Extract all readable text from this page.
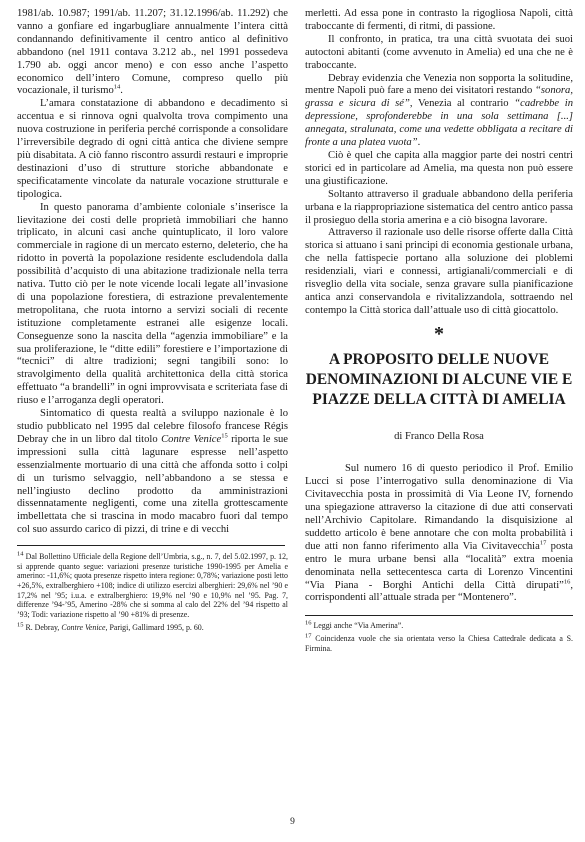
1981/ab. 10.987; 1991/ab. 11.207; 31.12.1996/ab. 11.292) che vanno a gonfiare ed ingarbugliare annualmente l’intera città condannando definitivamente il centro antico al definitivo abbandono (nel 1911 contava 3.212 ab., nel 1991 possedeva 1.790 ab. oggi ancor meno) e con esso anche l’aspetto economico dell’intero Comune, compreso quello più vocazionale, il turismo$^{14}$.

L’amara constatazione di abbandono e decadimento si accentua e si rinnova ogni qualvolta trova compimento una nuova costruzione in periferia perché corrisponde a consolidare l’irreversibile degrado di ogni città antica che diviene sempre più disabitata. A ciò fanno riscontro assurdi restauri e improprie destinazioni d’uso di strutture storiche abbandonate e specificatamente vincolate da naturale vocazione strutturale e tipologica.

In questo panorama d’ambiente coloniale s’inserisce la lievitazione dei costi delle proprietà immobiliari che hanno triplicato, in alcuni casi anche quintuplicato, il loro valore commerciale in ragione di un mercato esterno, deleterio, che ha ridotto in povertà la popolazione residente escludendola dalla possibilità d’acquisto di una abitazione tradizionale nella terra nativa. Tutto ciò per le note vicende locali legate all’invasione di una popolazione forestiera, di estrazione prevalentemente metropolitana, che ruota intorno a servizi sociali di recente istituzione completamente estranei alle esigenze locali. Conseguenze sono la nascita della “agenzia immobiliare” e la sua proliferazione, le “ditte edili” forestiere e l’importazione di “tecnici” di altre tradizioni; segni tangibili sono: lo stravolgimento della qualità architettonica della città storica effettuato “a brandelli” in ogni improvvisata e scriteriata fase di riuso e l’arroganza degli operatori.

Sintomatico di questa realtà a sviluppo nazionale è lo studio pubblicato nel 1995 dal celebre filosofo francese Régis Debray che in un libro dal titolo Contre Venice$^{15}$ riporta le sue impressioni sulla città lagunare espresse nell’aspetto essenzialmente mortuario di una città che affonda sotto i colpi di un turismo selvaggio, nell’abbandono a se stessa e nell’ingiusto declino prodotto da amministrazioni dissennatamente negligenti, come una zitella grottescamente imbellettata che si trascina in modo macabro fuori dal tempo col suo assurdo carico di pizzi, di trine e di vecchi

$^{14}$ Dal Bollettino Ufficiale della Regione dell’Umbria, s.g., n. 7, del 5.02.1997, p. 12, si apprende quanto segue: variazioni presenze turistiche 1990-1995 per Amelia e amerino: -11,6%; quota presenze rispetto intera regione: 0,78%; variazione posti letto +26,5%, extralberghiero +108; indice di utilizzo esercizi alberghieri: 29,6% nel ’90 e 17,2% nel ’95; i.u.a. e extralberghiero: 19,9% nel ’90 e 10,9% nel ’95. Pag. 7, differenze ’94-’95, Amerino -28% che si somma al calo del 22% del ’94 rispetto al ’93; Todi: variazione rispetto al ’90 +81% di presenze.

$^{15}$ R. Debray, Contre Venice, Parigi, Gallimard 1995, p. 60.

merletti. Ad essa pone in contrasto la rigogliosa Napoli, città traboccante di fermenti, di ritmi, di passione.

Il confronto, in pratica, tra una città svuotata dei suoi autoctoni abitanti (come avvenuto in Amelia) ed una che ne è traboccante.

Debray evidenzia che Venezia non sopporta la solitudine, mentre Napoli può fare a meno dei visitatori restando “sonora, grassa e sicura di sé”, Venezia al contrario “cadrebbe in depressione, sprofonderebbe in una sola settimana [...] annegata, stralunata, come una vedette obbligata a recitare di fronte a una platea vuota”.

Ciò è quel che capita alla maggior parte dei nostri centri storici ed in particolare ad Amelia, ma questa non può essere una giustificazione.

Soltanto attraverso il graduale abbandono della periferia urbana e la riappropriazione sistematica del centro antico passa il prosieguo della storia amerina e a ciò bisogna lavorare.

Attraverso il razionale uso delle risorse offerte dalla Città storica si attuano i sani principi di economia gestionale urbana, che nella fattispecie portano alla soluzione dei ploblemi residenziali, viari e connessi, artigianali/commerciali e di risveglio della vita sociale, senza gravare sulla pianificazione antica anzi conservandola e rivitalizzandola, sottraendo nel contempo la Città storica dall’attuale uso di città giocattolo.

*
A PROPOSITO DELLE NUOVE DENOMINAZIONI DI ALCUNE VIE E PIAZZE DELLA CITTÀ DI AMELIA

di Franco Della Rosa

Sul numero 16 di questo periodico il Prof. Emilio Lucci si pose l’interrogativo sulla denominazione di Via Civitavecchia posta in prossimità di Via Leone IV, fornendo una spiegazione attraverso la citazione di due atti conservati nell’Archivio Capitolare. Rimandando la disquisizione al suddetto articolo è bene annotare che con molta probabilità i due atti non fanno riferimento alla Via Civitavecchia$^{17}$ posta entro le mura urbane bensì alla “località” extra moenia denominata nella settecentesca carta di Lorenzo Vincentini “Via Piana - Borghi Antichi della Città dirupati”$^{16}$, corrispondenti all’attuale strada per “Montenero”.

$^{16}$ Leggi anche “Via Amerina”.

$^{17}$ Coincidenza vuole che sia orientata verso la Chiesa Cattedrale dedicata a S. Firmina.

9
